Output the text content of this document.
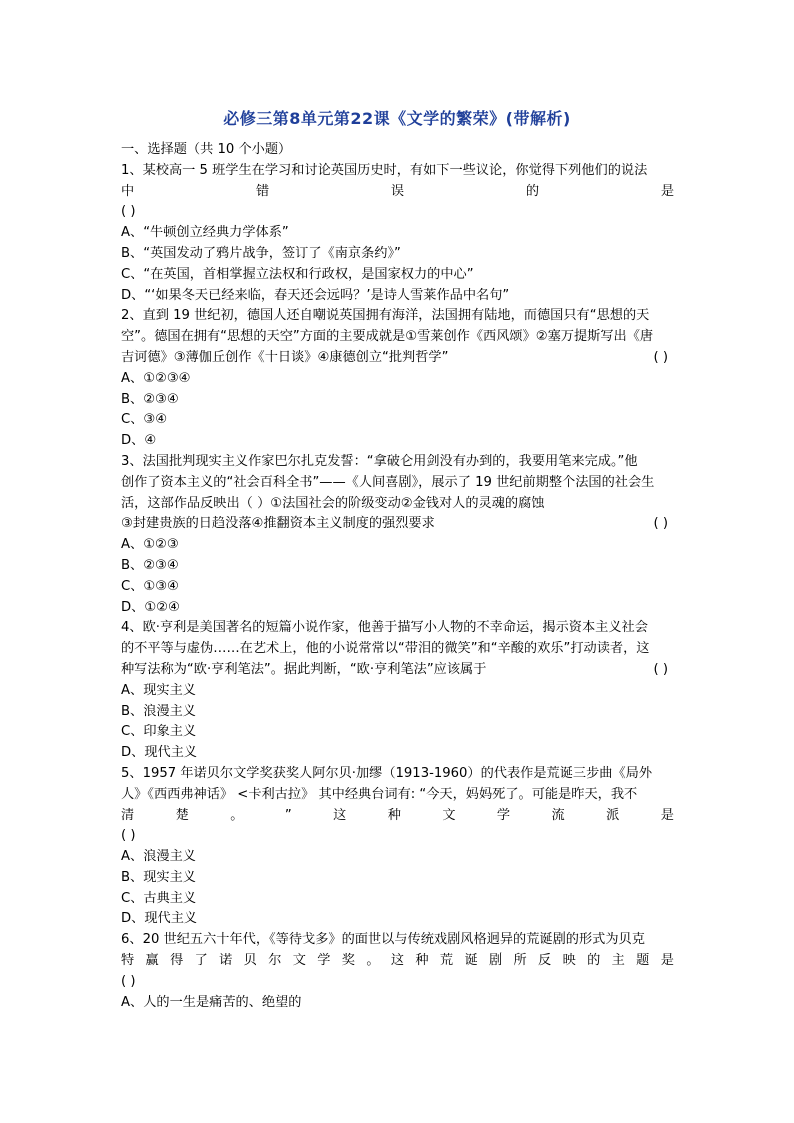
必修三第8单元第22课《文学的繁荣》(带解析)
一、选择题（共 10 个小题）
1、某校高一 5 班学生在学习和讨论英国历史时，有如下一些议论，你觉得下列他们的说法
中	错	误	的	是
( )
A、“牛顿创立经典力学体系”
B、“英国发动了鸦片战争，签订了《南京条约》”
C、“在英国，首相掌握立法权和行政权，是国家权力的中心”
D、“‘如果冬天已经来临，春天还会远吗？’是诗人雪莱作品中名句”
2、直到 19 世纪初，德国人还自嘲说英国拥有海洋，法国拥有陆地，而德国只有“思想的天
空”。德国在拥有“思想的天空”方面的主要成就是①雪莱创作《西风颂》②塞万提斯写出《唐
吉诃德》③薄伽丘创作《十日谈》④康德创立“批判哲学”	( )
A、①②③④
B、②③④
C、③④
D、④
3、法国批判现实主义作家巴尔扎克发誓：“拿破仑用剑没有办到的，我要用笔来完成。”他
创作了资本主义的“社会百科全书”——《人间喜剧》，展示了 19 世纪前期整个法国的社会生
活，这部作品反映出（ ）①法国社会的阶级变动②金钱对人的灵魂的腐蚀
③封建贵族的日趋没落④推翻资本主义制度的强烈要求	( )
A、①②③
B、②③④
C、①③④
D、①②④
4、欧·亨利是美国著名的短篇小说作家，他善于描写小人物的不幸命运，揭示资本主义社会
的不平等与虚伪……在艺术上，他的小说常常以“带泪的微笑”和“辛酸的欢乐”打动读者，这
种写法称为“欧·亨利笔法”。据此判断，“欧·亨利笔法”应该属于	( )
A、现实主义
B、浪漫主义
C、印象主义
D、现代主义
5、1957 年诺贝尔文学奖获奖人阿尔贝·加缪（1913-1960）的代表作是荒诞三步曲《局外
人》《西西弗神话》 <卡利古拉》 其中经典台词有: “今天，妈妈死了。可能是昨天，我不
清	楚	。	”	这	种	文	学	流	派	是
( )
A、浪漫主义
B、现实主义
C、古典主义
D、现代主义
6、20 世纪五六十年代，《等待戈多》的面世以与传统戏剧风格迥异的荒诞剧的形式为贝克
特 赢 得 了 诺 贝 尔 文 学 奖 。 这 种 荒 诞 剧 所 反 映 的 主 题 是
( )
A、人的一生是痛苦的、绝望的
